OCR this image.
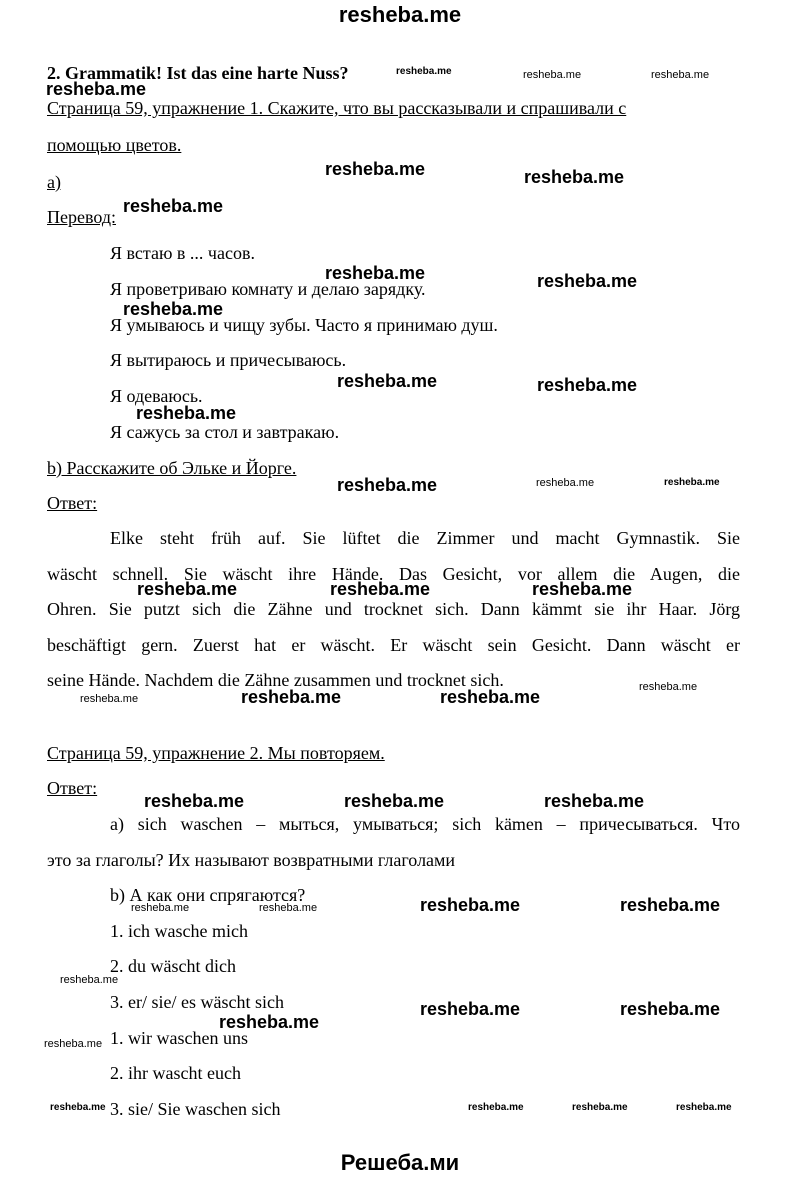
resheba.me
2. Grammatik! Ist das eine harte Nuss?
Страница 59, упражнение 1. Скажите, что вы рассказывали и спрашивали с
помощью цветов.
а)
Перевод:
Я встаю в ... часов.
Я проветриваю комнату и делаю зарядку.
Я умываюсь и чищу зубы. Часто я принимаю душ.
Я вытираюсь и причесываюсь.
Я одеваюсь.
Я сажусь за стол и завтракаю.
b) Расскажите об Эльке и Йорге.
Ответ:
Elke steht früh auf. Sie lüftet die Zimmer und macht Gymnastik. Sie
wäscht schnell. Sie wäscht ihre Hände. Das Gesicht, vor allem die Augen, die
Ohren. Sie putzt sich die Zähne und trocknet sich. Dann kämmt sie ihr Haar. Jörg
beschäftigt gern. Zuerst hat er wäscht. Er wäscht sein Gesicht. Dann wäscht er
seine Hände. Nachdem die Zähne zusammen und trocknet sich.
Страница 59, упражнение 2. Мы повторяем.
Ответ:
a) sich waschen – мыться, умываться; sich kämen – причесываться. Что
это за глаголы? Их называют возвратными глаголами
b) А как они спрягаются?
1. ich wasche mich
2. du wäscht dich
3. er/ sie/ es wäscht sich
1. wir waschen uns
2. ihr wascht euch
3. sie/ Sie waschen sich
resheba.me
resheba.me	resheba.me	resheba.me
resheba.me	resheba.me
resheba.me
resheba.me	resheba.me
resheba.me
resheba.me	resheba.me
resheba.me
resheba.me	resheba.me	resheba.me
resheba.me	resheba.me	resheba.me
resheba.me
resheba.me	resheba.me	resheba.me
resheba.me	resheba.me	resheba.me
resheba.me	resheba.me	resheba.me	resheba.me
resheba.me
resheba.me	resheba.me
resheba.me
resheba.me
resheba.me	resheba.me	resheba.me	resheba.me
Решеба.ми
